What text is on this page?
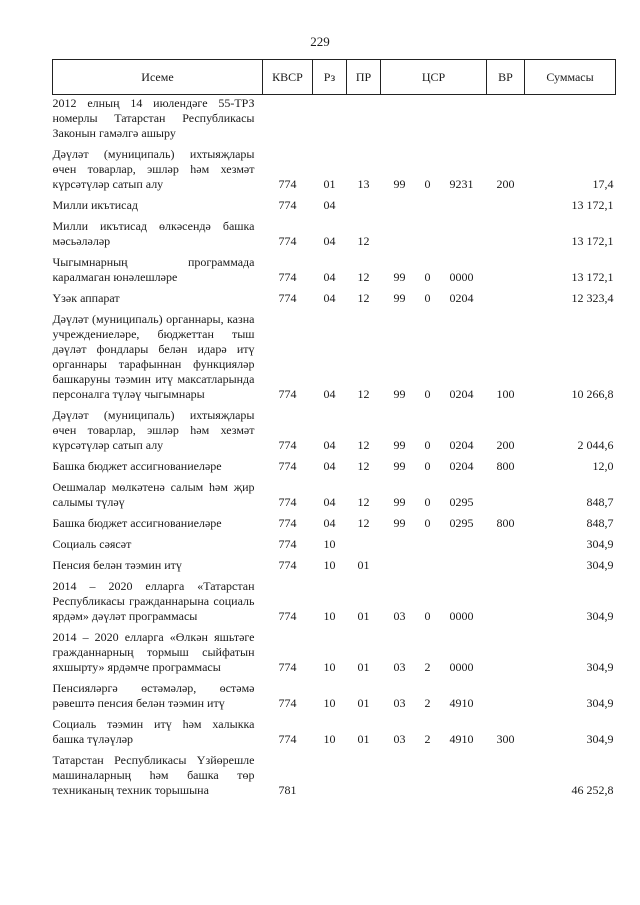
229
Исеме	КВСР	Рз	ПР	ЦСР			ВР	Суммасы
2012 елның 14 июлендәге 55-ТРЗ номерлы Татарстан Республикасы Законын гамәлгә ашыру								
Дәүләт (муниципаль) ихтыяҗлары өчен товарлар, эшләр һәм хезмәт күрсәтүләр сатып алу	774	01	13	99	0	9231	200	17,4
Милли икътисад	774	04						13 172,1
Милли икътисад өлкәсендә башка мәсьәләләр	774	04	12					13 172,1
Чыгымнарның программада каралмаган юнәлешләре	774	04	12	99	0	0000		13 172,1
Үзәк аппарат	774	04	12	99	0	0204		12 323,4
Дәүләт (муниципаль) органнары, казна учреждениеләре, бюджеттан тыш дәүләт фондлары белән идарә итү органнары тарафыннан функцияләр башкаруны тәэмин итү максатларында персоналга түләү чыгымнары	774	04	12	99	0	0204	100	10 266,8
Дәүләт (муниципаль) ихтыяҗлары өчен товарлар, эшләр һәм хезмәт күрсәтүләр сатып алу	774	04	12	99	0	0204	200	2 044,6
Башка бюджет ассигнованиеләре	774	04	12	99	0	0204	800	12,0
Оешмалар мөлкәтенә салым һәм җир салымы түләү	774	04	12	99	0	0295		848,7
Башка бюджет ассигнованиеләре	774	04	12	99	0	0295	800	848,7
Социаль сәясәт	774	10						304,9
Пенсия белән тәэмин итү	774	10	01					304,9
2014 – 2020 елларга «Татарстан Республикасы гражданнарына социаль ярдәм» дәүләт программасы	774	10	01	03	0	0000		304,9
2014 – 2020 елларга «Өлкән яшьтәге гражданнарның тормыш сыйфатын яхшырту» ярдәмче программасы	774	10	01	03	2	0000		304,9
Пенсияләргә өстәмәләр, өстәмә рәвештә пенсия белән тәэмин итү	774	10	01	03	2	4910		304,9
Социаль тәэмин итү һәм халыкка башка түләүләр	774	10	01	03	2	4910	300	304,9
Татарстан Республикасы Үзйөрешле машиналарның һәм башка төр техниканың техник торышына	781							46 252,8
